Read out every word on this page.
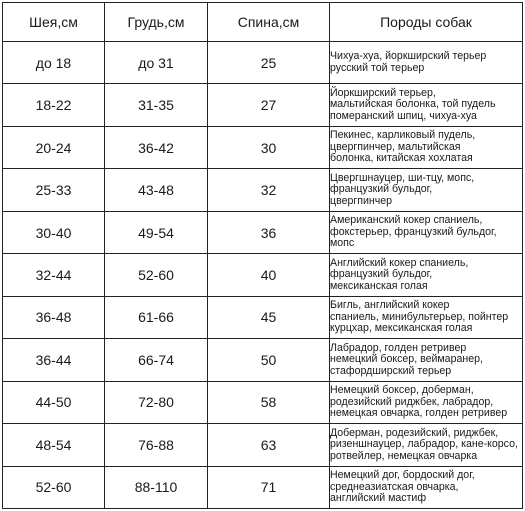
Шея,см	Грудь,см	Спина,см	Породы собак
до 18	до 31	25	Чихуа-хуа, йоркширский терьер
русский той терьер

18-22	31-35	27	Йоркширский терьер,
мальтийская болонка, той пудель
померанский шпиц, чихуа-хуа

20-24	36-42	30	Пекинес, карликовый пудель,
цвергпинчер, мальтийская
болонка, китайская хохлатая

25-33	43-48	32	Цвергшнауцер, ши-тцу, мопс,
французкий бульдог,
цвергпинчер

30-40	49-54	36	Американский кокер спаниель,
фокстерьер, французкий бульдог,
мопс

32-44	52-60	40	Английский кокер спаниель,
французкий бульдог,
мексиканская голая

36-48	61-66	45	Бигль, английский кокер
спаниель, минибультерьер, пойнтер
курцхар, мексиканская голая

36-44	66-74	50	Лабрадор, голден ретривер
немецкий боксер, веймаранер,
стафордширский терьер

44-50	72-80	58	Немецкий боксер, доберман,
родезийский риджбек, лабрадор,
немецкая овчарка, голден ретривер

48-54	76-88	63	Доберман, родезийский, риджбек,
ризеншнауцер, лабрадор, кане-корсо,
ротвейлер, немецкая овчарка

52-60	88-110	71	Немецкий дог, бордоский дог,
среднеазиатская овчарка,
английский мастиф
